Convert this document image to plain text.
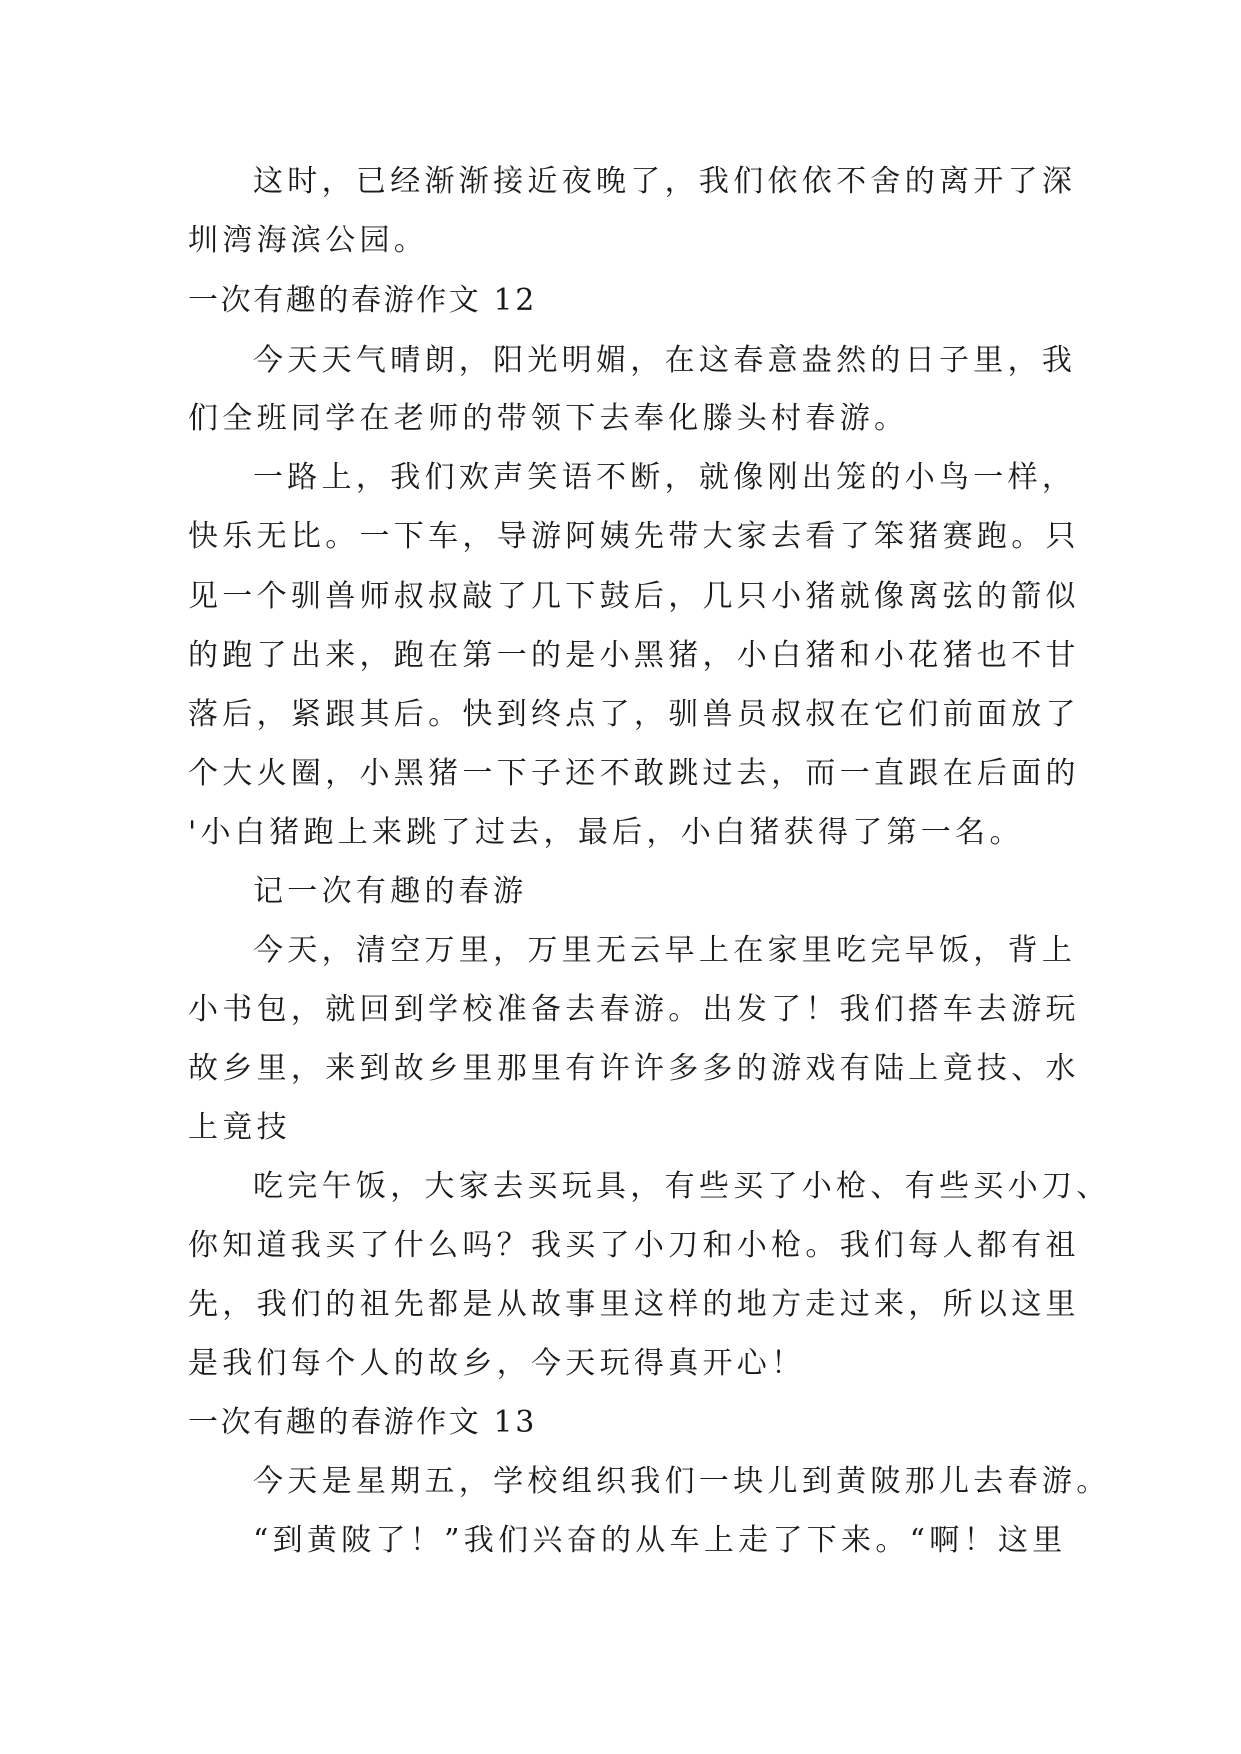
这时，已经渐渐接近夜晚了，我们依依不舍的离开了深
圳湾海滨公园。
一次有趣的春游作文 12
今天天气晴朗，阳光明媚，在这春意盎然的日子里，我
们全班同学在老师的带领下去奉化滕头村春游。
一路上，我们欢声笑语不断，就像刚出笼的小鸟一样，
快乐无比。一下车，导游阿姨先带大家去看了笨猪赛跑。只
见一个驯兽师叔叔敲了几下鼓后，几只小猪就像离弦的箭似
的跑了出来，跑在第一的是小黑猪，小白猪和小花猪也不甘
落后，紧跟其后。快到终点了，驯兽员叔叔在它们前面放了
个大火圈，小黑猪一下子还不敢跳过去，而一直跟在后面的
'小白猪跑上来跳了过去，最后，小白猪获得了第一名。
记一次有趣的春游
今天，清空万里，万里无云早上在家里吃完早饭，背上
小书包，就回到学校准备去春游。出发了！我们搭车去游玩
故乡里，来到故乡里那里有许许多多的游戏有陆上竟技、水
上竟技
吃完午饭，大家去买玩具，有些买了小枪、有些买小刀、
你知道我买了什么吗？我买了小刀和小枪。我们每人都有祖
先，我们的祖先都是从故事里这样的地方走过来，所以这里
是我们每个人的故乡，今天玩得真开心！
一次有趣的春游作文 13
今天是星期五，学校组织我们一块儿到黄陂那儿去春游。
“到黄陂了！”我们兴奋的从车上走了下来。“啊！这里
